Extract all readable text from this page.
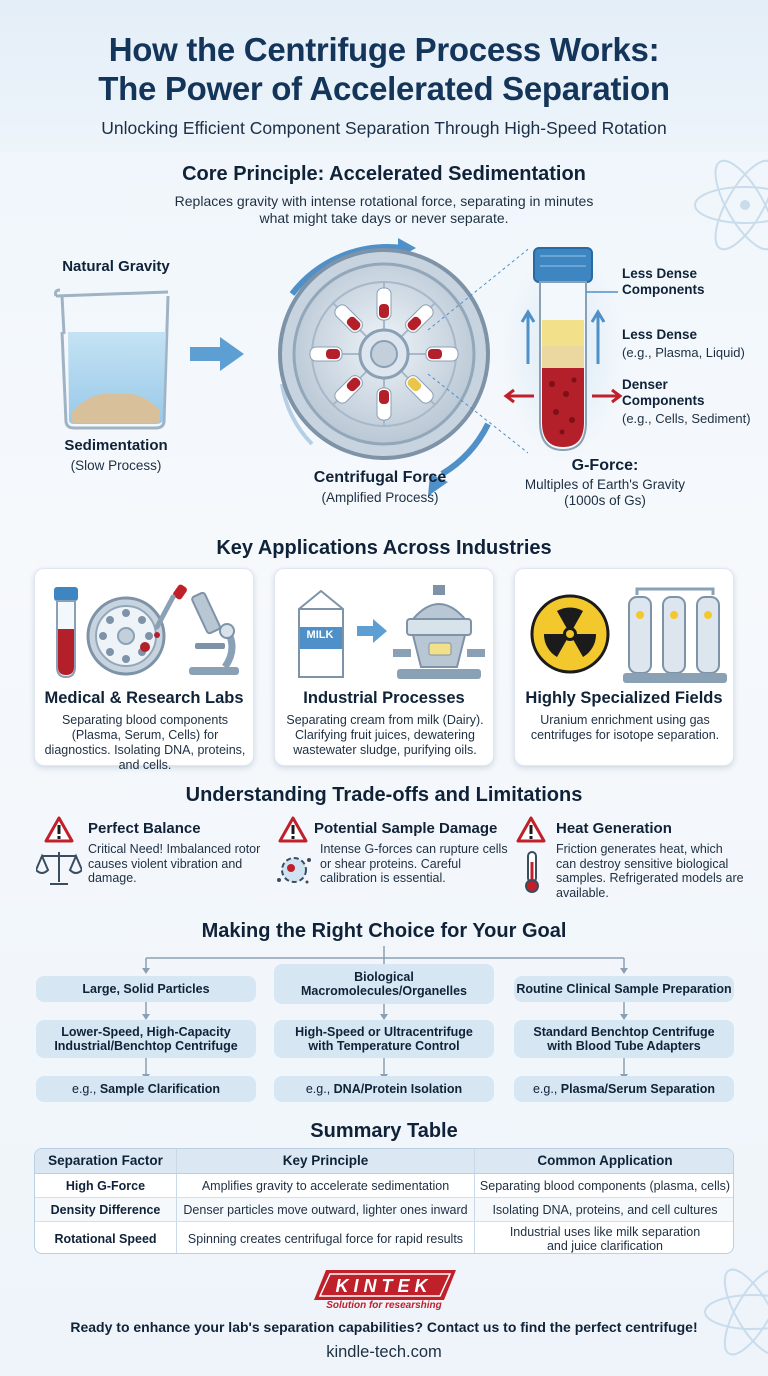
How the Centrifuge Process Works:
The Power of Accelerated Separation
Unlocking Efficient Component Separation Through High-Speed Rotation
Core Principle: Accelerated Sedimentation
Replaces gravity with intense rotational force, separating in minutes what might take days or never separate.
Natural Gravity
Sedimentation
(Slow Process)
Centrifugal Force
(Amplified Process)
Less Dense
Components
Less Dense
(e.g., Plasma, Liquid)
Denser
Components
(e.g., Cells, Sediment)
G-Force:
Multiples of Earth's Gravity
(1000s of Gs)
Key Applications Across Industries
Medical & Research Labs
Separating blood components (Plasma, Serum, Cells) for diagnostics. Isolating DNA, proteins, and cells.
MILK
Industrial Processes
Separating cream from milk (Dairy). Clarifying fruit juices, dewatering wastewater sludge, purifying oils.
Highly Specialized Fields
Uranium enrichment using gas centrifuges for isotope separation.
Understanding Trade-offs and Limitations
Perfect Balance
Critical Need! Imbalanced rotor causes violent vibration and damage.
Potential Sample Damage
Intense G-forces can rupture cells or shear proteins. Careful calibration is essential.
Heat Generation
Friction generates heat, which can destroy sensitive biological samples. Refrigerated models are available.
Making the Right Choice for Your Goal
Large, Solid Particles
Biological Macromolecules/Organelles	Routine Clinical Sample Preparation
Lower-Speed, High-Capacity Industrial/Benchtop Centrifuge
High-Speed or Ultracentrifuge with Temperature Control
Standard Benchtop Centrifuge with Blood Tube Adapters
e.g.,
Sample Clarification	e.g.,
DNA/Protein Isolation	e.g.,
Plasma/Serum Separation
Summary Table
Separation Factor	Key Principle	Common Application
High G-Force	Amplifies gravity to accelerate sedimentation	Separating blood components (plasma, cells)
Density Difference	Denser particles move outward, lighter ones inward	Isolating DNA, proteins, and cell cultures
Rotational Speed	Spinning creates centrifugal force for rapid results	Industrial uses like milk separation and juice clarification
KINTEK
Solution for researshing
Ready to enhance your lab's separation capabilities? Contact us to find the perfect centrifuge!
kindle-tech.com
